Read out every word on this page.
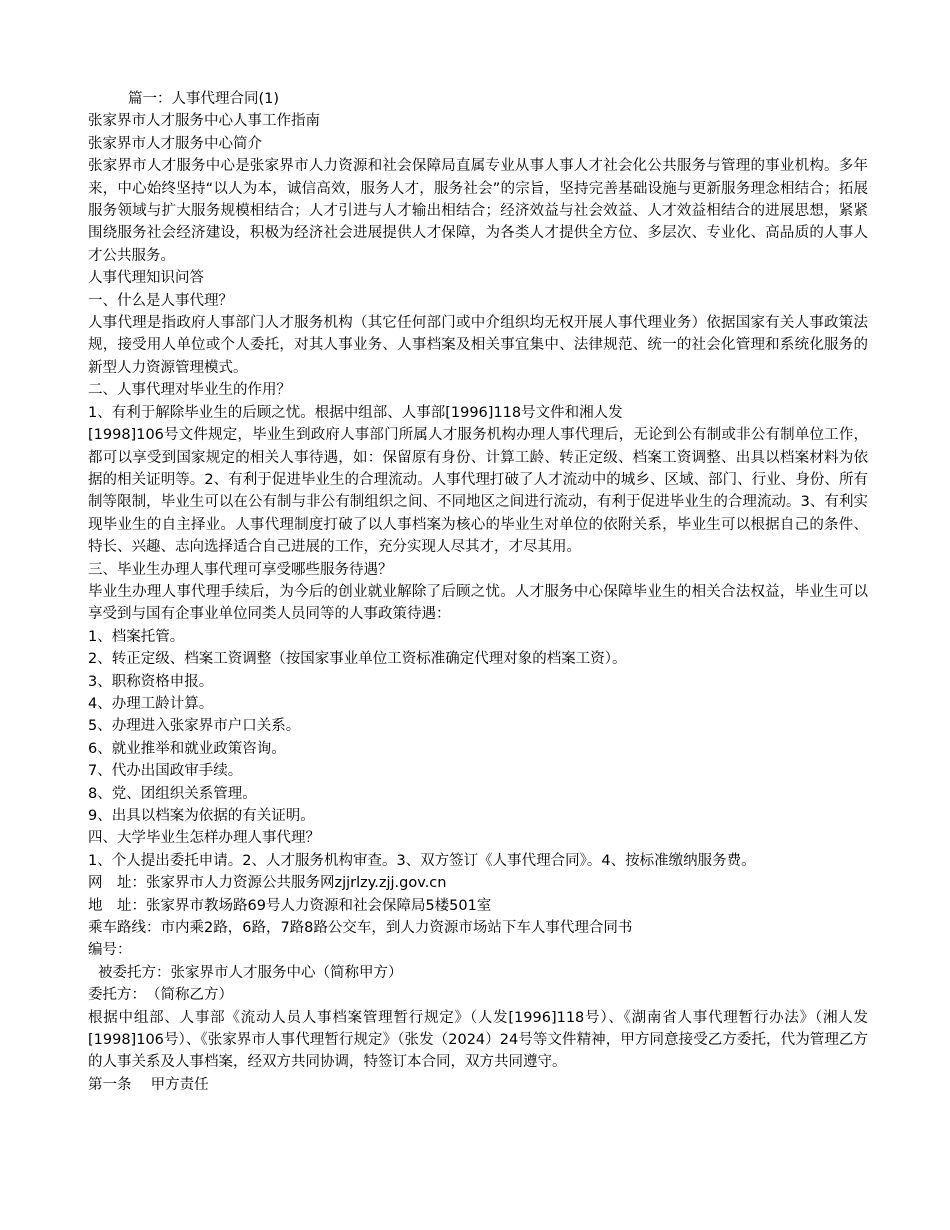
篇一：人事代理合同(1)
张家界市人才服务中心人事工作指南
张家界市人才服务中心简介
张家界市人才服务中心是张家界市人力资源和社会保障局直属专业从事人事人才社会化公共服务与管理的事业机构。多年来，中心始终坚持“以人为本，诚信高效，服务人才，服务社会”的宗旨，坚持完善基础设施与更新服务理念相结合；拓展服务领域与扩大服务规模相结合；人才引进与人才输出相结合；经济效益与社会效益、人才效益相结合的进展思想，紧紧围绕服务社会经济建设，积极为经济社会进展提供人才保障，为各类人才提供全方位、多层次、专业化、高品质的人事人才公共服务。
人事代理知识问答
一、什么是人事代理？
人事代理是指政府人事部门人才服务机构（其它任何部门或中介组织均无权开展人事代理业务）依据国家有关人事政策法规，接受用人单位或个人委托，对其人事业务、人事档案及相关事宜集中、法律规范、统一的社会化管理和系统化服务的新型人力资源管理模式。
二、人事代理对毕业生的作用？
1、有利于解除毕业生的后顾之忧。根据中组部、人事部[1996]118号文件和湘人发
[1998]106号文件规定，毕业生到政府人事部门所属人才服务机构办理人事代理后，无论到公有制或非公有制单位工作，都可以享受到国家规定的相关人事待遇，如：保留原有身份、计算工龄、转正定级、档案工资调整、出具以档案材料为依据的相关证明等。2、有利于促进毕业生的合理流动。人事代理打破了人才流动中的城乡、区域、部门、行业、身份、所有制等限制，毕业生可以在公有制与非公有制组织之间、不同地区之间进行流动，有利于促进毕业生的合理流动。3、有利实现毕业生的自主择业。人事代理制度打破了以人事档案为核心的毕业生对单位的依附关系，毕业生可以根据自己的条件、特长、兴趣、志向选择适合自己进展的工作，充分实现人尽其才，才尽其用。
三、毕业生办理人事代理可享受哪些服务待遇？
毕业生办理人事代理手续后，为今后的创业就业解除了后顾之忧。人才服务中心保障毕业生的相关合法权益，毕业生可以享受到与国有企事业单位同类人员同等的人事政策待遇：
1、档案托管。
2、转正定级、档案工资调整（按国家事业单位工资标准确定代理对象的档案工资）。
3、职称资格申报。
4、办理工龄计算。
5、办理进入张家界市户口关系。
6、就业推举和就业政策咨询。
7、代办出国政审手续。
8、党、团组织关系管理。
9、出具以档案为依据的有关证明。
四、大学毕业生怎样办理人事代理？
1、个人提出委托申请。2、人才服务机构审查。3、双方签订《人事代理合同》。4、按标准缴纳服务费。
网　址：张家界市人力资源公共服务网zjjrlzy.zjj.gov.cn
地　址：张家界市教场路69号人力资源和社会保障局5楼501室
乘车路线：市内乘2路，6路，7路8路公交车，到人力资源市场站下车人事代理合同书
编号：
被委托方：张家界市人才服务中心（简称甲方）
委托方：　（简称乙方）
根据中组部、人事部《流动人员人事档案管理暂行规定》（人发[1996]118号）、《湖南省人事代理暂行办法》（湘人发[1998]106号）、《张家界市人事代理暂行规定》（张发（2024）24号等文件精神，甲方同意接受乙方委托，代为管理乙方的人事关系及人事档案，经双方共同协调，特签订本合同，双方共同遵守。
第一条　 甲方责任
